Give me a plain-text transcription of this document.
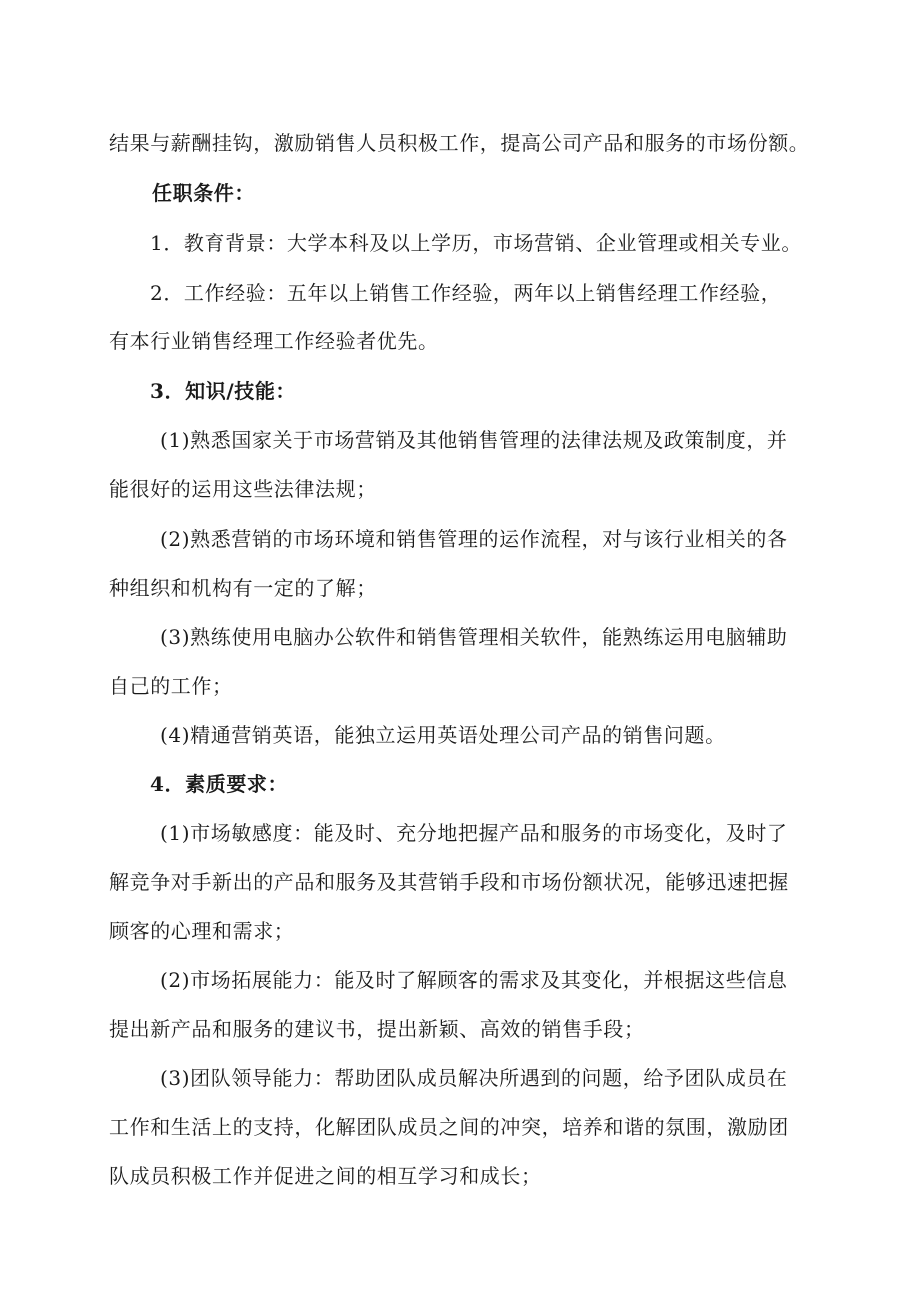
结果与薪酬挂钩，激励销售人员积极工作，提高公司产品和服务的市场份额。
任职条件：
1．教育背景：大学本科及以上学历，市场营销、企业管理或相关专业。
2．工作经验：五年以上销售工作经验，两年以上销售经理工作经验，
有本行业销售经理工作经验者优先。
3．知识/技能：
(1)熟悉国家关于市场营销及其他销售管理的法律法规及政策制度，并
能很好的运用这些法律法规；
(2)熟悉营销的市场环境和销售管理的运作流程，对与该行业相关的各
种组织和机构有一定的了解；
(3)熟练使用电脑办公软件和销售管理相关软件，能熟练运用电脑辅助
自己的工作；
(4)精通营销英语，能独立运用英语处理公司产品的销售问题。
4．素质要求：
(1)市场敏感度：能及时、充分地把握产品和服务的市场变化，及时了
解竞争对手新出的产品和服务及其营销手段和市场份额状况，能够迅速把握
顾客的心理和需求；
(2)市场拓展能力：能及时了解顾客的需求及其变化，并根据这些信息
提出新产品和服务的建议书，提出新颖、高效的销售手段；
(3)团队领导能力：帮助团队成员解决所遇到的问题，给予团队成员在
工作和生活上的支持，化解团队成员之间的冲突，培养和谐的氛围，激励团
队成员积极工作并促进之间的相互学习和成长；
